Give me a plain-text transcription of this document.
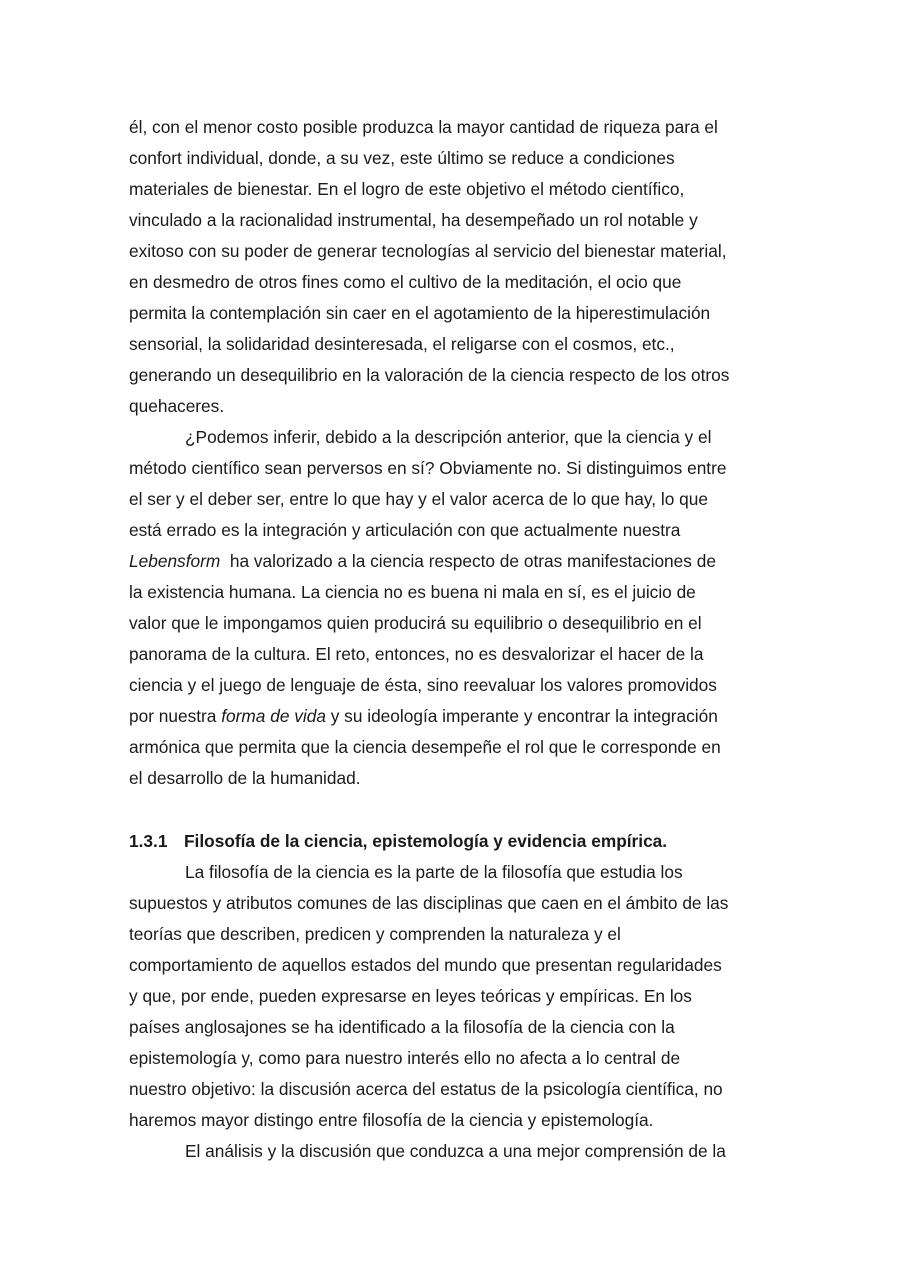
él, con el menor costo posible produzca la mayor cantidad de riqueza para el
confort individual, donde, a su vez, este último se reduce a condiciones
materiales de bienestar. En el logro de este objetivo el método científico,
vinculado a la racionalidad instrumental, ha desempeñado un rol notable y
exitoso con su poder de generar tecnologías al servicio del bienestar material,
en desmedro de otros fines como el cultivo de la meditación, el ocio que
permita la contemplación sin caer en el agotamiento de la hiperestimulación
sensorial, la solidaridad desinteresada, el religarse con el cosmos, etc.,
generando un desequilibrio en la valoración de la ciencia respecto de los otros
quehaceres.
¿Podemos inferir, debido a la descripción anterior, que la ciencia y el
método científico sean perversos en sí? Obviamente no. Si distinguimos entre
el ser y el deber ser, entre lo que hay y el valor acerca de lo que hay, lo que
está errado es la integración y articulación con que actualmente nuestra
Lebensform  ha valorizado a la ciencia respecto de otras manifestaciones de
la existencia humana. La ciencia no es buena ni mala en sí, es el juicio de
valor que le impongamos quien producirá su equilibrio o desequilibrio en el
panorama de la cultura. El reto, entonces, no es desvalorizar el hacer de la
ciencia y el juego de lenguaje de ésta, sino reevaluar los valores promovidos
por nuestra forma de vida y su ideología imperante y encontrar la integración
armónica que permita que la ciencia desempeñe el rol que le corresponde en
el desarrollo de la humanidad.
1.3.1 Filosofía de la ciencia, epistemología y evidencia empírica.
La filosofía de la ciencia es la parte de la filosofía que estudia los
supuestos y atributos comunes de las disciplinas que caen en el ámbito de las
teorías que describen, predicen y comprenden la naturaleza y el
comportamiento de aquellos estados del mundo que presentan regularidades
y que, por ende, pueden expresarse en leyes teóricas y empíricas. En los
países anglosajones se ha identificado a la filosofía de la ciencia con la
epistemología y, como para nuestro interés ello no afecta a lo central de
nuestro objetivo: la discusión acerca del estatus de la psicología científica, no
haremos mayor distingo entre filosofía de la ciencia y epistemología.
El análisis y la discusión que conduzca a una mejor comprensión de la
